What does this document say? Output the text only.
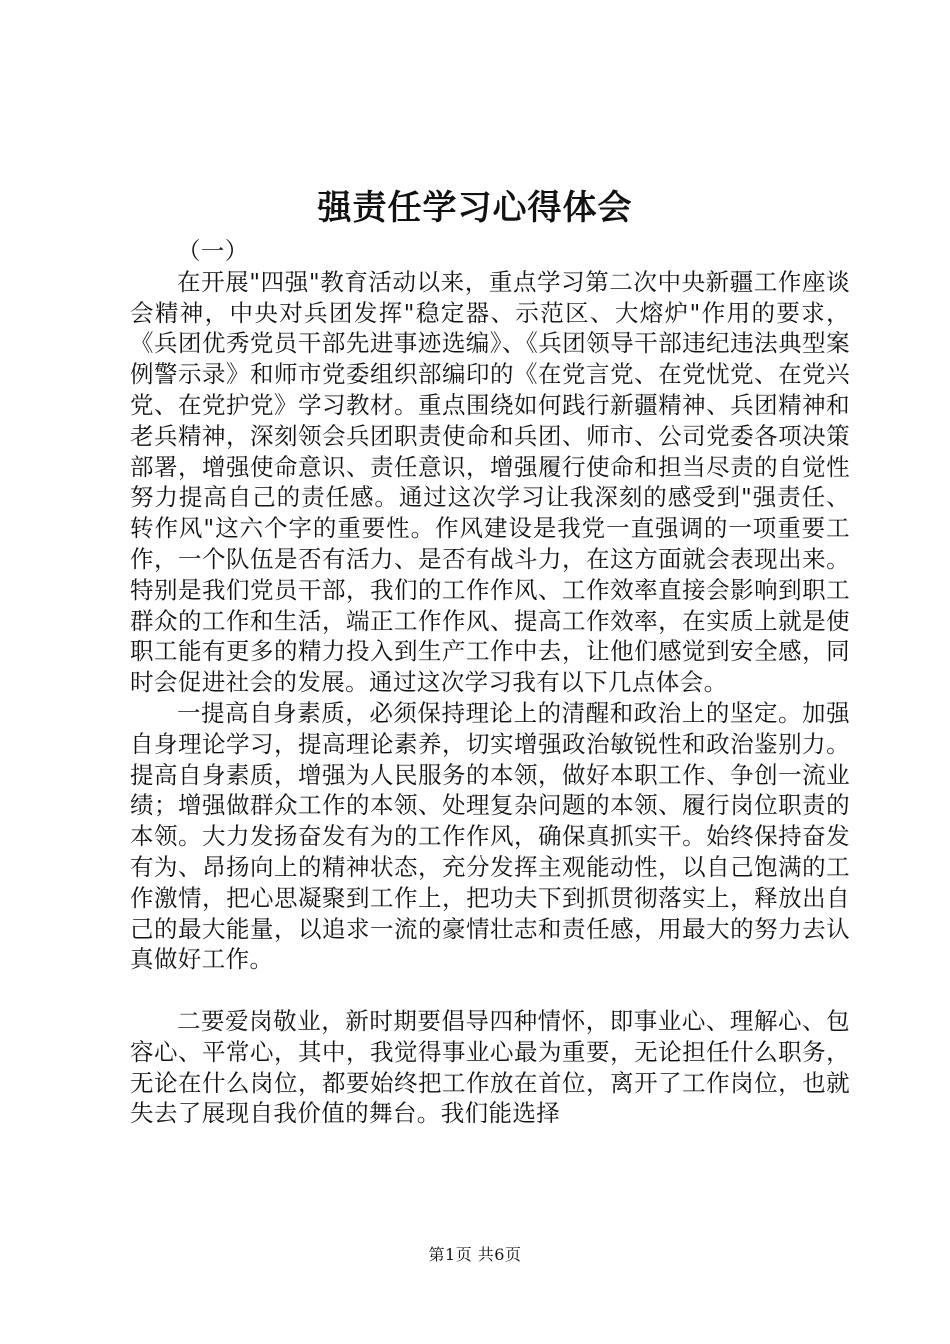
强责任学习心得体会

（一）

在开展"四强"教育活动以来，重点学习第二次中央新疆工作座谈会精神，中央对兵团发挥"稳定器、示范区、大熔炉"作用的要求，《兵团优秀党员干部先进事迹选编》、《兵团领导干部违纪违法典型案例警示录》和师市党委组织部编印的《在党言党、在党忧党、在党兴党、在党护党》学习教材。重点围绕如何践行新疆精神、兵团精神和老兵精神，深刻领会兵团职责使命和兵团、师市、公司党委各项决策部署，增强使命意识、责任意识，增强履行使命和担当尽责的自觉性努力提高自己的责任感。通过这次学习让我深刻的感受到"强责任、转作风"这六个字的重要性。作风建设是我党一直强调的一项重要工作，一个队伍是否有活力、是否有战斗力，在这方面就会表现出来。特别是我们党员干部，我们的工作作风、工作效率直接会影响到职工群众的工作和生活，端正工作作风、提高工作效率，在实质上就是使职工能有更多的精力投入到生产工作中去，让他们感觉到安全感，同时会促进社会的发展。通过这次学习我有以下几点体会。

一提高自身素质，必须保持理论上的清醒和政治上的坚定。加强自身理论学习，提高理论素养，切实增强政治敏锐性和政治鉴别力。提高自身素质，增强为人民服务的本领，做好本职工作、争创一流业绩；增强做群众工作的本领、处理复杂问题的本领、履行岗位职责的本领。大力发扬奋发有为的工作作风，确保真抓实干。始终保持奋发有为、昂扬向上的精神状态，充分发挥主观能动性，以自己饱满的工作激情，把心思凝聚到工作上，把功夫下到抓贯彻落实上，释放出自己的最大能量，以追求一流的豪情壮志和责任感，用最大的努力去认真做好工作。

二要爱岗敬业，新时期要倡导四种情怀，即事业心、理解心、包容心、平常心，其中，我觉得事业心最为重要，无论担任什么职务，无论在什么岗位，都要始终把工作放在首位，离开了工作岗位，也就失去了展现自我价值的舞台。我们能选择

第1页 共6页
